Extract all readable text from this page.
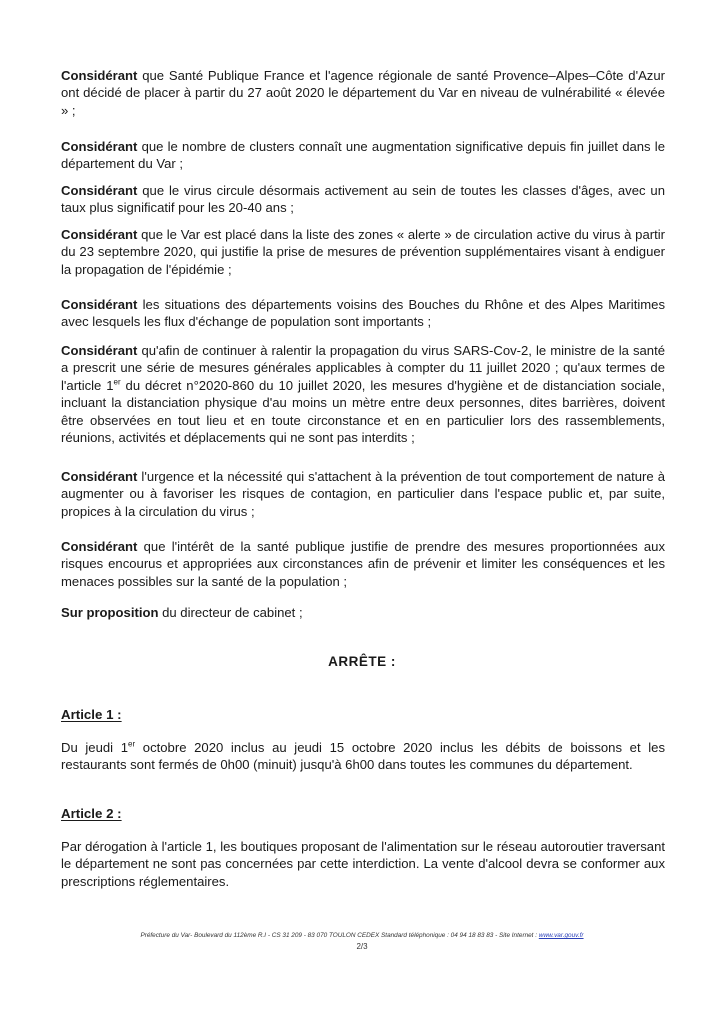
Considérant que Santé Publique France et l'agence régionale de santé Provence–Alpes–Côte d'Azur ont décidé de placer à partir du 27 août 2020 le département du Var en niveau de vulnérabilité « élevée » ;
Considérant que le nombre de clusters connaît une augmentation significative depuis fin juillet dans le département du Var ;
Considérant que le virus circule désormais activement au sein de toutes les classes d'âges, avec un taux plus significatif pour les 20-40 ans ;
Considérant que le Var est placé dans la liste des zones « alerte » de circulation active du virus à partir du 23 septembre 2020, qui justifie la prise de mesures de prévention supplémentaires visant à endiguer la propagation de l'épidémie ;
Considérant les situations des départements voisins des Bouches du Rhône et des Alpes Maritimes avec lesquels les flux d'échange de population sont importants ;
Considérant qu'afin de continuer à ralentir la propagation du virus SARS-Cov-2, le ministre de la santé a prescrit une série de mesures générales applicables à compter du 11 juillet 2020 ; qu'aux termes de l'article 1er du décret n°2020-860 du 10 juillet 2020, les mesures d'hygiène et de distanciation sociale, incluant la distanciation physique d'au moins un mètre entre deux personnes, dites barrières, doivent être observées en tout lieu et en toute circonstance et en en particulier lors des rassemblements, réunions, activités et déplacements qui ne sont pas interdits ;
Considérant l'urgence et la nécessité qui s'attachent à la prévention de tout comportement de nature à augmenter ou à favoriser les risques de contagion, en particulier dans l'espace public et, par suite, propices à la circulation du virus ;
Considérant que l'intérêt de la santé publique justifie de prendre des mesures proportionnées aux risques encourus et appropriées aux circonstances afin de prévenir et limiter les conséquences et les menaces possibles sur la santé de la population ;
Sur proposition du directeur de cabinet ;
ARRÊTE :
Article 1 :
Du jeudi 1er octobre 2020 inclus au jeudi 15 octobre 2020 inclus les débits de boissons et les restaurants sont fermés de 0h00 (minuit) jusqu'à 6h00 dans toutes les communes du département.
Article 2 :
Par dérogation à l'article 1, les boutiques proposant de l'alimentation sur le réseau autoroutier traversant le département ne sont pas concernées par cette interdiction. La vente d'alcool devra se conformer aux prescriptions réglementaires.
Préfecture du Var- Boulevard du 112ème R.I - CS 31 209 - 83 070 TOULON CEDEX Standard téléphonique : 04 94 18 83 83 - Site Internet : www.var.gouv.fr
2/3
